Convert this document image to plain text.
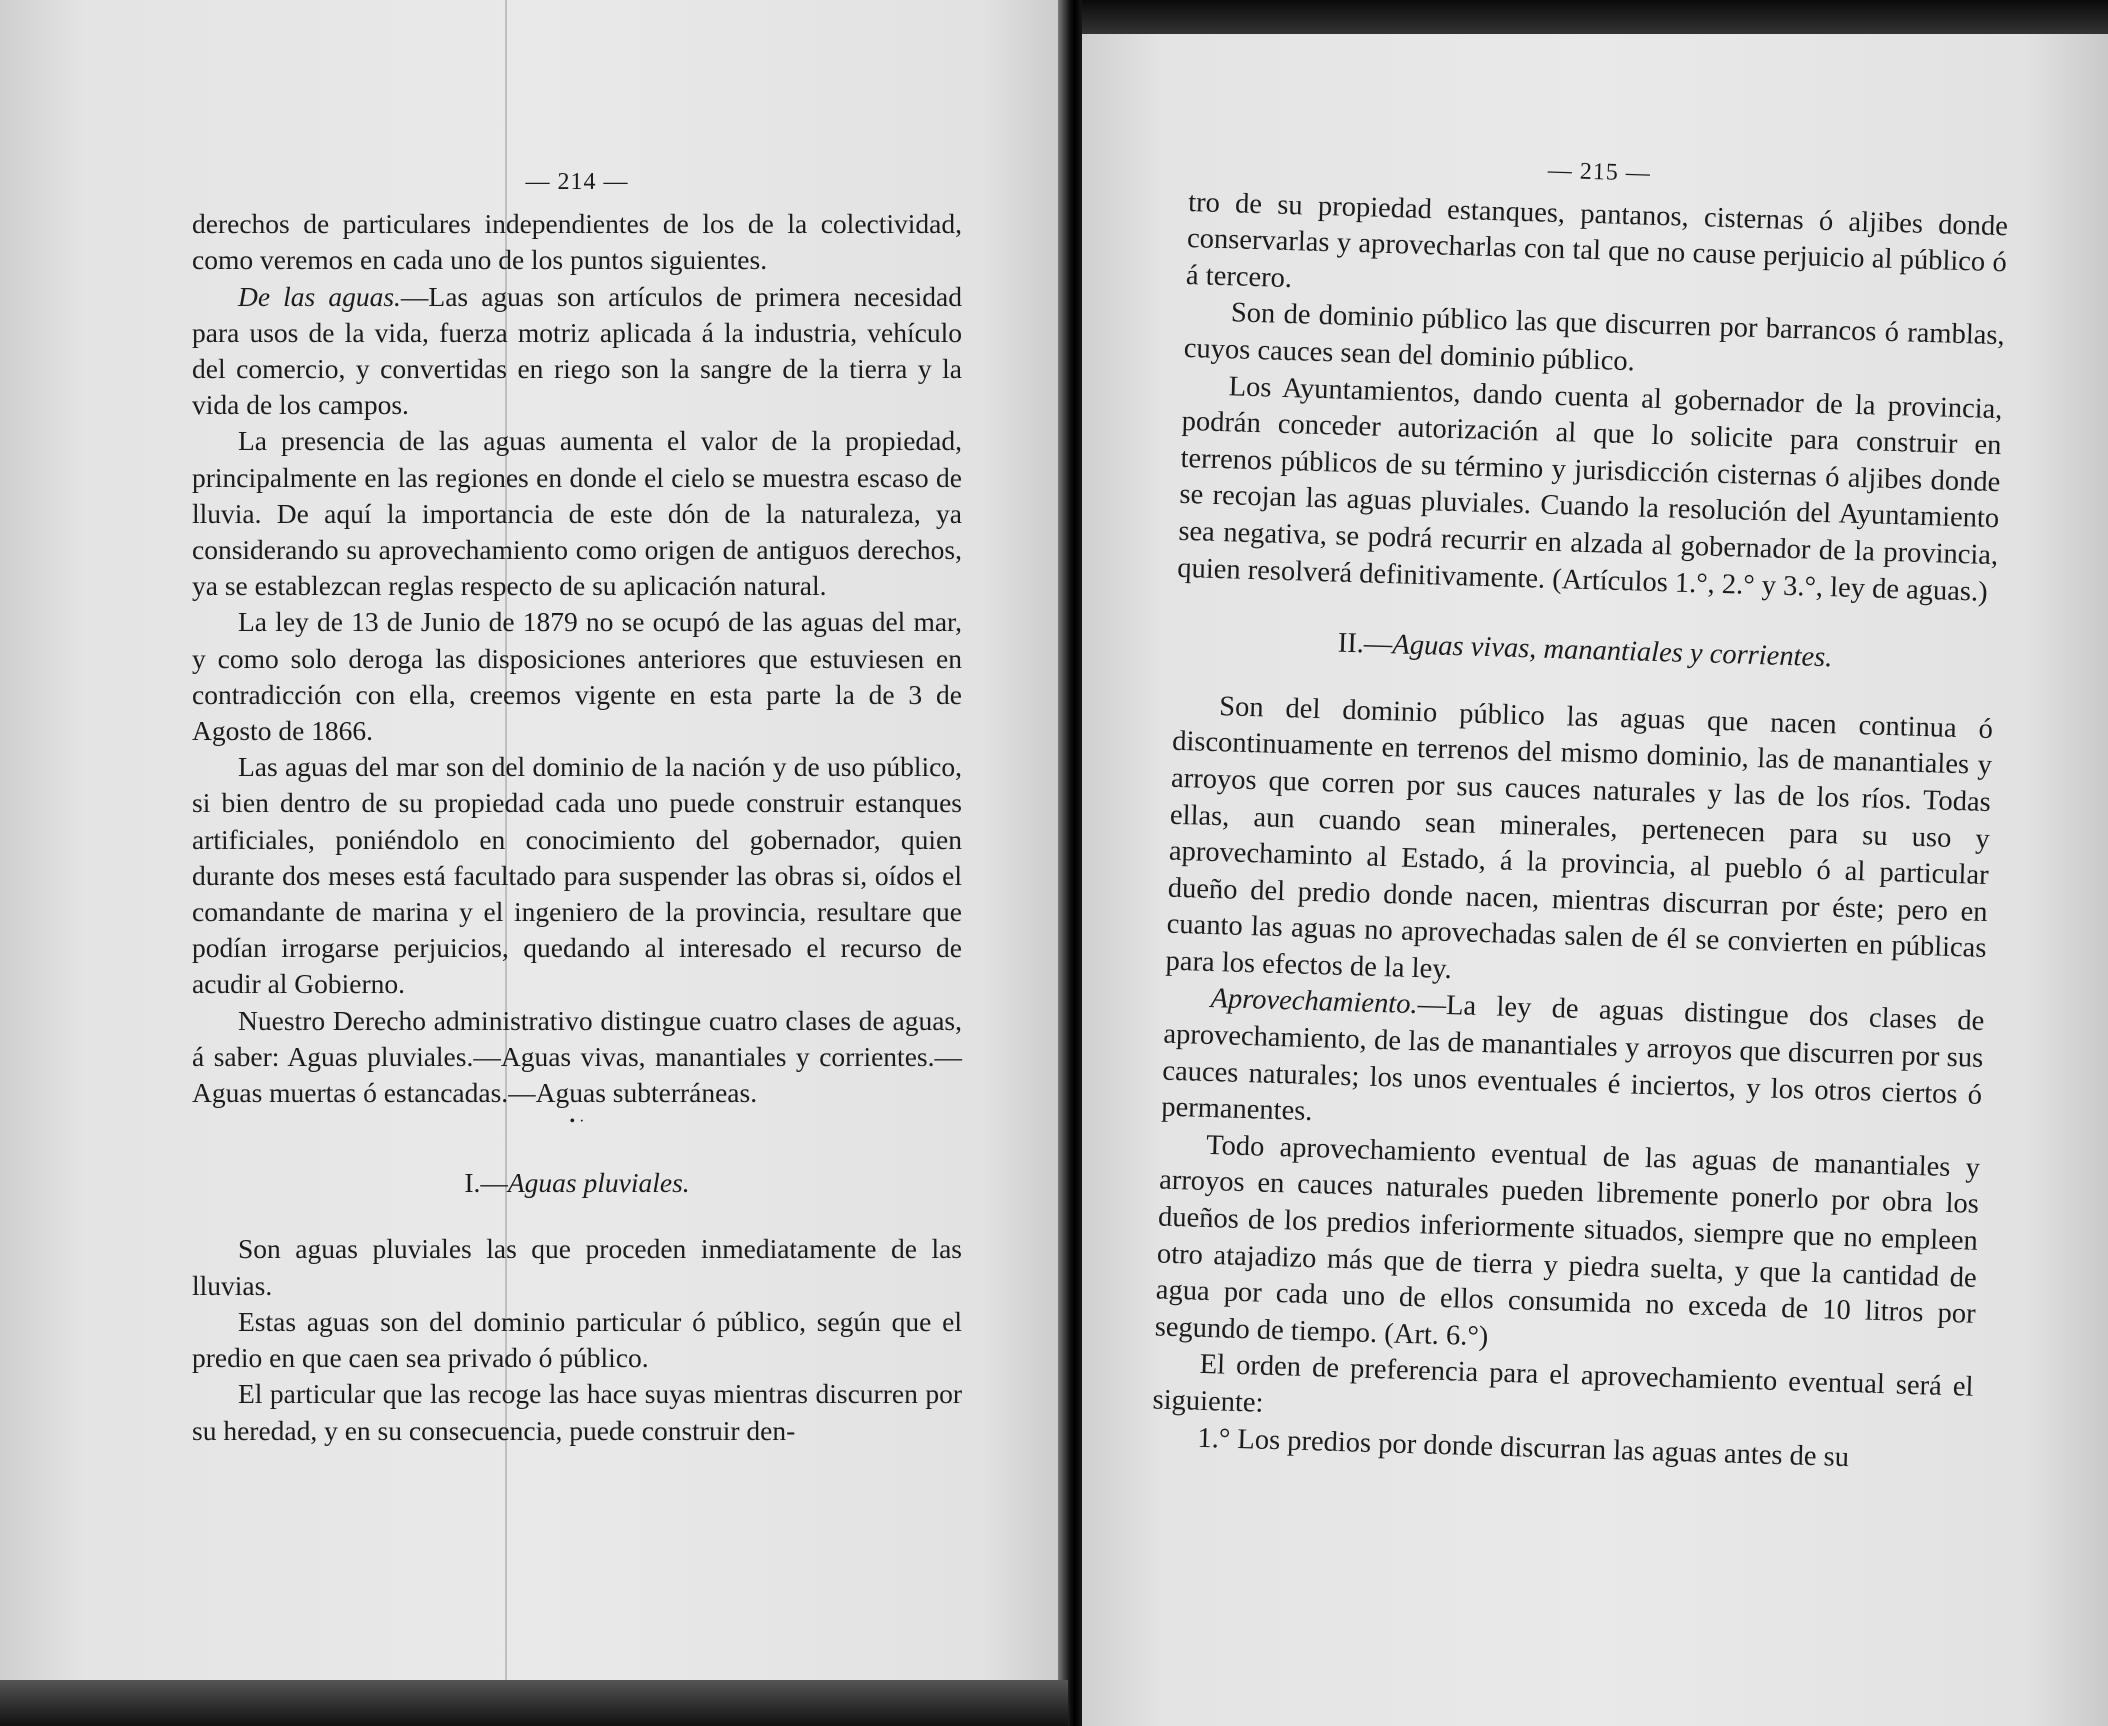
— 214 —

derechos de particulares independientes de los de la colectividad, como veremos en cada uno de los puntos siguientes.

De las aguas.—Las aguas son artículos de primera necesidad para usos de la vida, fuerza motriz aplicada á la industria, vehículo del comercio, y convertidas en riego son la sangre de la tierra y la vida de los campos.

La presencia de las aguas aumenta el valor de la propiedad, principalmente en las regiones en donde el cielo se muestra escaso de lluvia. De aquí la importancia de este dón de la naturaleza, ya considerando su aprovechamiento como origen de antiguos derechos, ya se establezcan reglas respecto de su aplicación natural.

La ley de 13 de Junio de 1879 no se ocupó de las aguas del mar, y como solo deroga las disposiciones anteriores que estuviesen en contradicción con ella, creemos vigente en esta parte la de 3 de Agosto de 1866.

Las aguas del mar son del dominio de la nación y de uso público, si bien dentro de su propiedad cada uno puede construir estanques artificiales, poniéndolo en conocimiento del gobernador, quien durante dos meses está facultado para suspender las obras si, oídos el comandante de marina y el ingeniero de la provincia, resultare que podían irrogarse perjuicios, quedando al interesado el recurso de acudir al Gobierno.

Nuestro Derecho administrativo distingue cuatro clases de aguas, á saber: Aguas pluviales.—Aguas vivas, manantiales y corrientes.—Aguas muertas ó estancadas.—Aguas subterráneas.

• ·

I.—Aguas pluviales.

Son aguas pluviales las que proceden inmediatamente de las lluvias.

Estas aguas son del dominio particular ó público, según que el predio en que caen sea privado ó público.

El particular que las recoge las hace suyas mientras discurren por su heredad, y en su consecuencia, puede construir den-

— 215 —

tro de su propiedad estanques, pantanos, cisternas ó aljibes donde conservarlas y aprovecharlas con tal que no cause perjuicio al público ó á tercero.

Son de dominio público las que discurren por barrancos ó ramblas, cuyos cauces sean del dominio público.

Los Ayuntamientos, dando cuenta al gobernador de la provincia, podrán conceder autorización al que lo solicite para construir en terrenos públicos de su término y jurisdicción cisternas ó aljibes donde se recojan las aguas pluviales. Cuando la resolución del Ayuntamiento sea negativa, se podrá recurrir en alzada al gobernador de la provincia, quien resolverá definitivamente. (Artículos 1.°, 2.° y 3.°, ley de aguas.)

II.—Aguas vivas, manantiales y corrientes.

Son del dominio público las aguas que nacen continua ó discontinuamente en terrenos del mismo dominio, las de manantiales y arroyos que corren por sus cauces naturales y las de los ríos. Todas ellas, aun cuando sean minerales, pertenecen para su uso y aprovechaminto al Estado, á la provincia, al pueblo ó al particular dueño del predio donde nacen, mientras discurran por éste; pero en cuanto las aguas no aprovechadas salen de él se convierten en públicas para los efectos de la ley.

Aprovechamiento.—La ley de aguas distingue dos clases de aprovechamiento, de las de manantiales y arroyos que discurren por sus cauces naturales; los unos eventuales é inciertos, y los otros ciertos ó permanentes.

Todo aprovechamiento eventual de las aguas de manantiales y arroyos en cauces naturales pueden libremente ponerlo por obra los dueños de los predios inferiormente situados, siempre que no empleen otro atajadizo más que de tierra y piedra suelta, y que la cantidad de agua por cada uno de ellos consumida no exceda de 10 litros por segundo de tiempo. (Art. 6.°)

El orden de preferencia para el aprovechamiento eventual será el siguiente:

1.° Los predios por donde discurran las aguas antes de su
